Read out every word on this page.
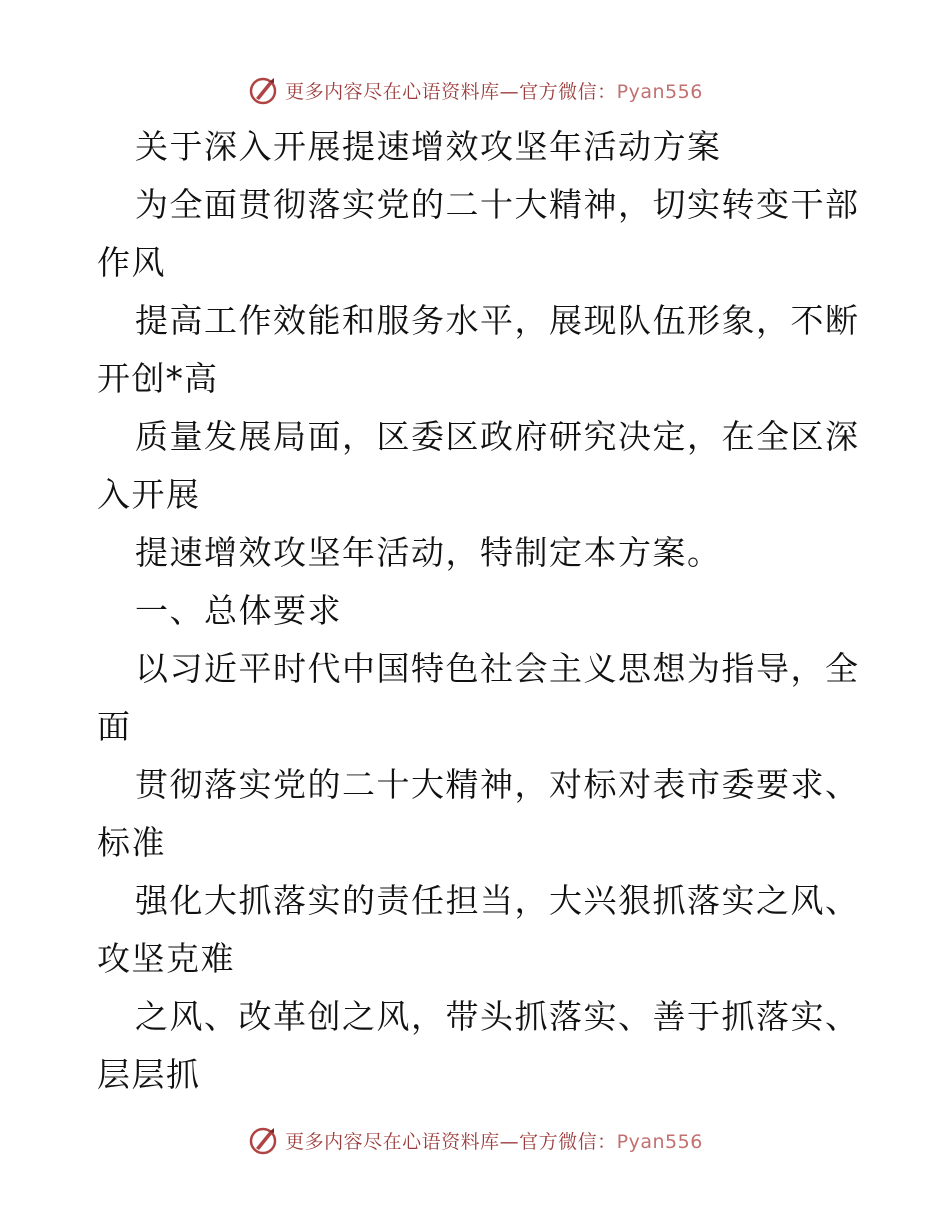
更多内容尽在心语资料库—官方微信：Pyan556
关于深入开展提速增效攻坚年活动方案
为全面贯彻落实党的二十大精神，切实转变干部
作风
提高工作效能和服务水平，展现队伍形象，不断
开创*高
质量发展局面，区委区政府研究决定，在全区深
入开展
提速增效攻坚年活动，特制定本方案。
一、总体要求
以习近平时代中国特色社会主义思想为指导，全
面
贯彻落实党的二十大精神，对标对表市委要求、
标准
强化大抓落实的责任担当，大兴狠抓落实之风、
攻坚克难
之风、改革创之风，带头抓落实、善于抓落实、
层层抓
更多内容尽在心语资料库—官方微信：Pyan556
